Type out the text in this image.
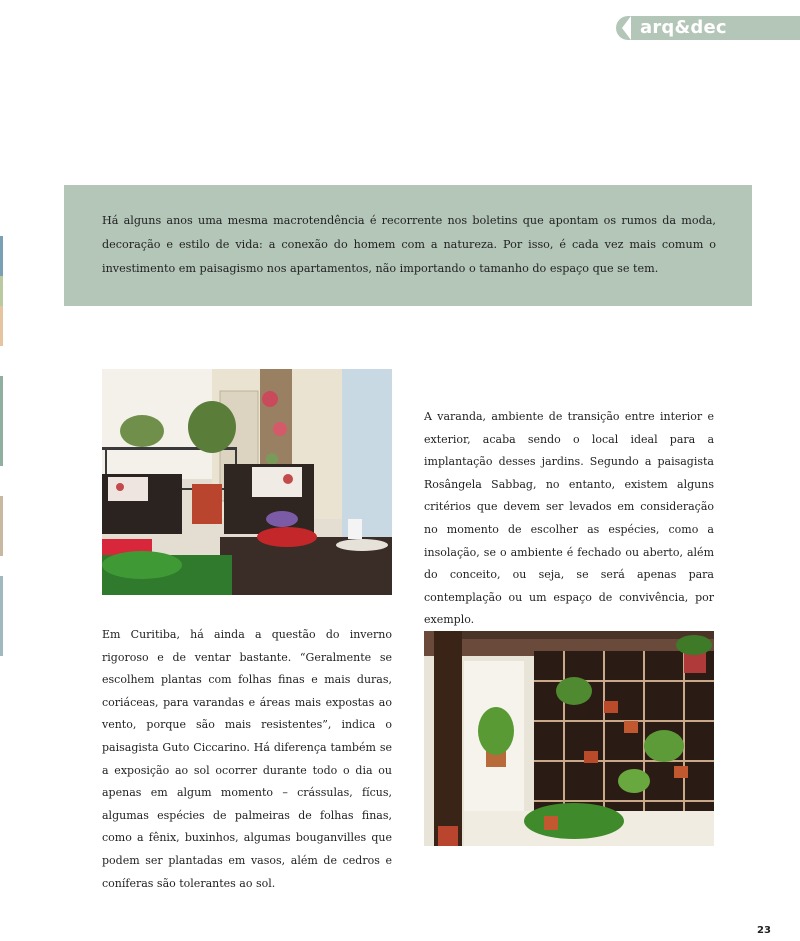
arq&dec
Há alguns anos uma mesma macrotendência é recorrente nos boletins que apontam os rumos da moda, decoração e estilo de vida: a conexão do homem com a natureza. Por isso, é cada vez mais comum o investimento em paisagismo nos apartamentos, não importando o tamanho do espaço que se tem.
A varanda, ambiente de transição entre interior e exterior, acaba sendo o local ideal para a implantação desses jardins. Segundo a paisagista Rosângela Sabbag, no entanto, existem alguns critérios que devem ser levados em consideração no momento de escolher as espécies, como a insolação, se o ambiente é fechado ou aberto, além do conceito, ou seja, se será apenas para contemplação ou um espaço de convivência, por exemplo.
Em Curitiba, há ainda a questão do inverno rigoroso e de ventar bastante. “Geralmente se escolhem plantas com folhas finas e mais duras, coriáceas, para varandas e áreas mais expostas ao vento, porque são mais resistentes”, indica o paisagista Guto Ciccarino. Há diferença também se a exposição ao sol ocorrer durante todo o dia ou apenas em algum momento – crássulas, fícus, algumas espécies de palmeiras de folhas finas, como a fênix, buxinhos, algumas bouganvilles que podem ser plantadas em vasos, além de cedros e coníferas são tolerantes ao sol.
23
